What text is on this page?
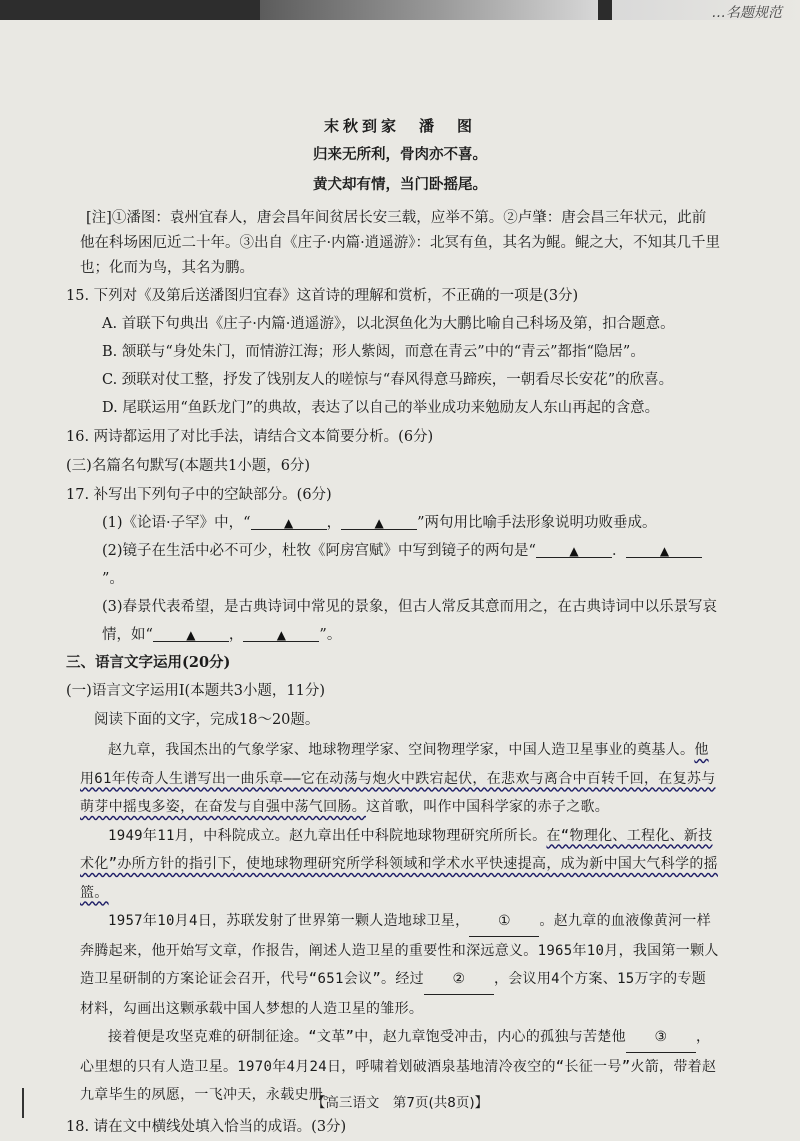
…名题规范

末秋到家　潘　图

归来无所利，骨肉亦不喜。

黄犬却有情，当门卧摇尾。

[注]①潘图：袁州宜春人，唐会昌年间贫居长安三载，应举不第。②卢肇：唐会昌三年状元，此前他在科场困厄近二十年。③出自《庄子·内篇·逍遥游》：北冥有鱼，其名为鲲。鲲之大，不知其几千里也；化而为鸟，其名为鹏。

15. 下列对《及第后送潘图归宜春》这首诗的理解和赏析，不正确的一项是(3分)

A. 首联下句典出《庄子·内篇·逍遥游》，以北溟鱼化为大鹏比喻自己科场及第，扣合题意。

B. 颔联与“身处朱门，而情游江海；形人紫闼，而意在青云”中的“青云”都指“隐居”。

C. 颈联对仗工整，抒发了饯别友人的嗟惊与“春风得意马蹄疾，一朝看尽长安花”的欣喜。

D. 尾联运用“鱼跃龙门”的典故，表达了以自己的举业成功来勉励友人东山再起的含意。

16. 两诗都运用了对比手法，请结合文本简要分析。(6分)

(三)名篇名句默写(本题共1小题，6分)

17. 补写出下列句子中的空缺部分。(6分)

(1)《论语·子罕》中，“	▲ ，	▲ ”两句用比喻手法形象说明功败垂成。

(2)镜子在生活中必不可少，杜牧《阿房宫赋》中写到镜子的两句是“	▲ ．	▲”。

(3)春景代表希望，是古典诗词中常见的景象，但古人常反其意而用之，在古典诗词中以乐景写哀情，如“	▲ ，	▲ ”。

三、语言文字运用(20分)

(一)语言文字运用Ⅰ(本题共3小题，11分)

阅读下面的文字，完成18～20题。

赵九章，我国杰出的气象学家、地球物理学家、空间物理学家，中国人造卫星事业的奠基人。他用61年传奇人生谱写出一曲乐章——它在动荡与炮火中跌宕起伏，在悲欢与离合中百转千回，在复苏与萌芽中摇曳多姿，在奋发与自强中荡气回肠。这首歌，叫作中国科学家的赤子之歌。

1949年11月，中科院成立。赵九章出任中科院地球物理研究所所长。在“物理化、工程化、新技术化”办所方针的指引下，使地球物理研究所学科领域和学术水平快速提高，成为新中国大气科学的摇篮。

1957年10月4日，苏联发射了世界第一颗人造地球卫星， ① 。赵九章的血液像黄河一样奔腾起来，他开始写文章，作报告，阐述人造卫星的重要性和深远意义。1965年10月，我国第一颗人造卫星研制的方案论证会召开，代号“651会议”。经过 ② ，会议用4个方案、15万字的专题材料，勾画出这颗承载中国人梦想的人造卫星的雏形。

接着便是攻坚克难的研制征途。“文革”中，赵九章饱受冲击，内心的孤独与苦楚他 ③ ，心里想的只有人造卫星。1970年4月24日，呼啸着划破酒泉基地清冷夜空的“长征一号”火箭，带着赵九章毕生的夙愿，一飞冲天，永载史册。

18. 请在文中横线处填入恰当的成语。(3分)

【高三语文　第7页(共8页)】
